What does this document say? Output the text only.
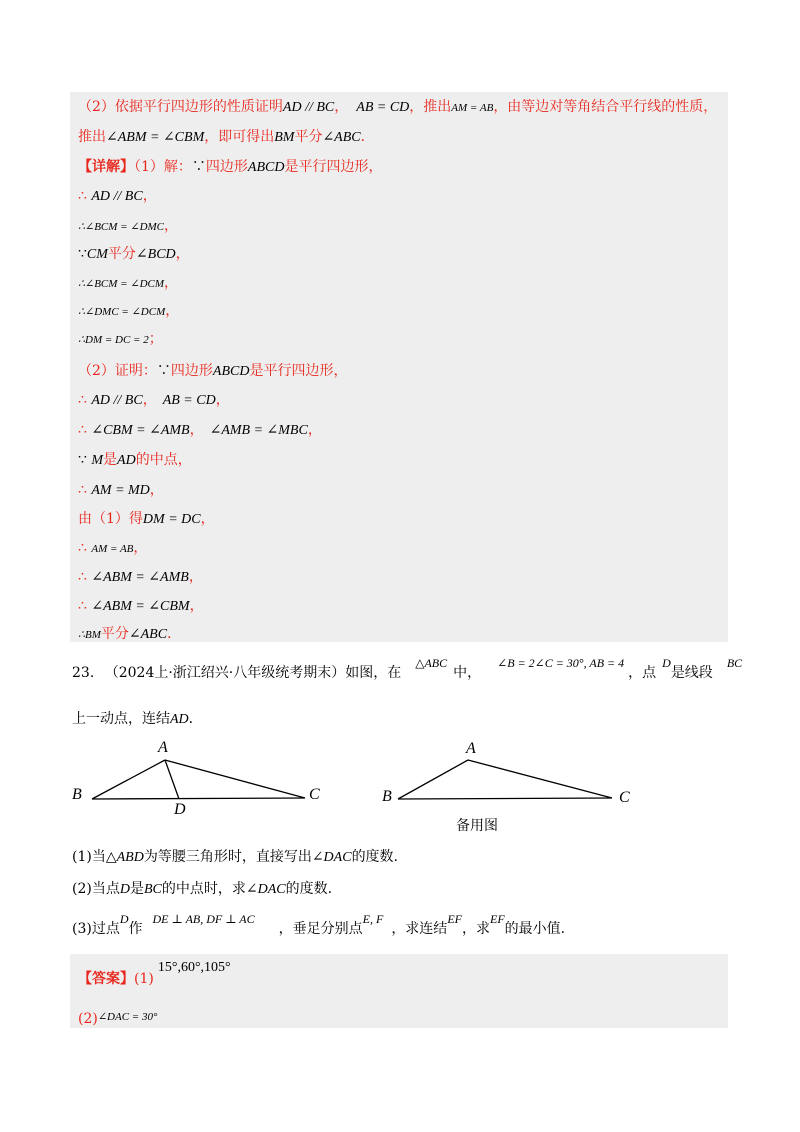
（2）依据平行四边形的性质证明AD // BC， AB = CD，推出AM = AB，由等边对等角结合平行线的性质，
推出∠ABM = ∠CBM，即可得出BM平分∠ABC．
【详解】（1）解：∵四边形ABCD是平行四边形，
∴ AD // BC，
∴∠BCM = ∠DMC，
∵CM平分∠BCD，
∴∠BCM = ∠DCM，
∴∠DMC = ∠DCM，
∴DM = DC = 2；
（2）证明：∵四边形ABCD是平行四边形，
∴ AD // BC， AB = CD，
∴ ∠CBM = ∠AMB， ∠AMB = ∠MBC，
∵ M是AD的中点，
∴ AM = MD，
由（1）得DM = DC，
∴ AM = AB，
∴ ∠ABM = ∠AMB，
∴ ∠ABM = ∠CBM，
∴BM平分∠ABC．
23. （2024上·浙江绍兴·八年级统考期末）如图，在△ABC中，∠B = 2∠C = 30°, AB = 4，点D是线段BC
上一动点，连结AD．
A
B	C
D
A
B	C
备用图
(1)当△ABD为等腰三角形时，直接写出∠DAC的度数.
(2)当点D是BC的中点时，求∠DAC的度数.
(3)过点D作DE ⊥ AB, DF ⊥ AC，垂足分别点E, F，求连结EF，求EF的最小值.
【答案】(1)15°,60°,105°
$(2)^{\angle DAC = 30^\circ}$
